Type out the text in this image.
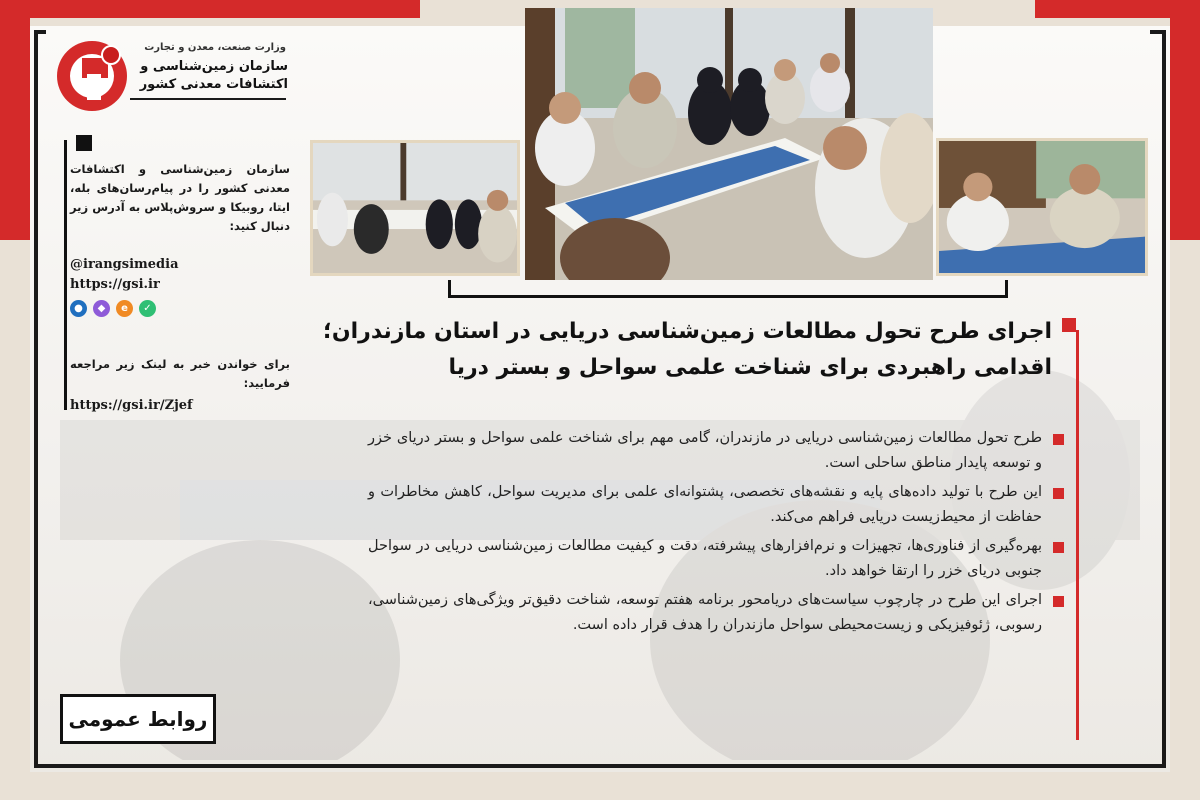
وزارت صنعت، معدن و تجارت
سازمان زمین‌شناسی و
اکتشافات معدنی کشور
سازمان زمین‌شناسی و اکتشافات معدنی کشور را در پیام‌رسان‌های بله، ایتا، روبیکا و سروش‌پلاس به آدرس زیر دنبال کنید:
@irangsimedia
https://gsi.ir
●	◆	e	✓
برای خواندن خبر به لینک زیر مراجعه فرمایید:
https://gsi.ir/Zjef
اجرای طرح تحول مطالعات زمین‌شناسی دریایی در استان مازندران؛
اقدامی راهبردی برای شناخت علمی سواحل و بستر دریا
طرح تحول مطالعات زمین‌شناسی دریایی در مازندران، گامی مهم برای شناخت علمی سواحل و بستر دریای خزر و توسعه پایدار مناطق ساحلی است.
این طرح با تولید داده‌های پایه و نقشه‌های تخصصی، پشتوانه‌ای علمی برای مدیریت سواحل، کاهش مخاطرات و حفاظت از محیط‌زیست دریایی فراهم می‌کند.
بهره‌گیری از فناوری‌ها، تجهیزات و نرم‌افزارهای پیشرفته، دقت و کیفیت مطالعات زمین‌شناسی دریایی در سواحل جنوبی دریای خزر را ارتقا خواهد داد.
اجرای این طرح در چارچوب سیاست‌های دریامحور برنامه هفتم توسعه، شناخت دقیق‌تر ویژگی‌های زمین‌شناسی، رسوبی، ژئوفیزیکی و زیست‌محیطی سواحل مازندران را هدف قرار داده است.
روابط عمومی
